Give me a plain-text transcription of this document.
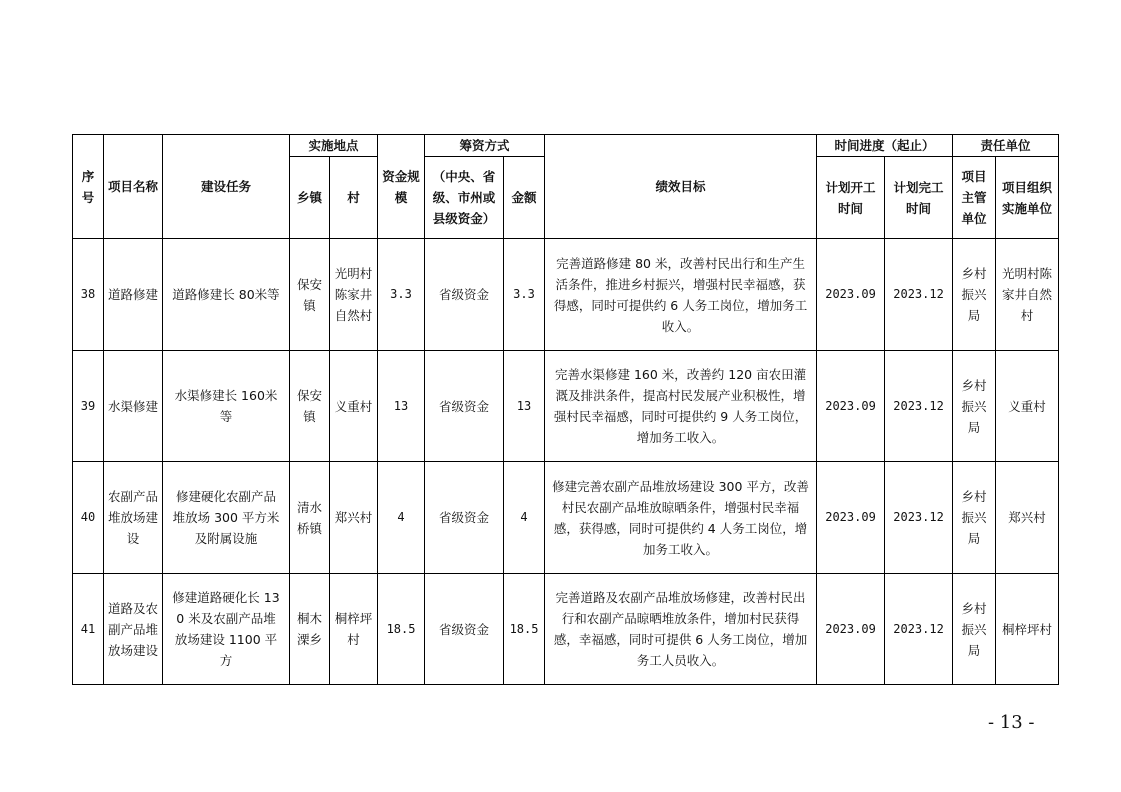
序号	项目名称	建设任务	实施地点		资金规模	筹资方式		绩效目标	时间进度（起止）		责任单位	
			乡镇	村		（中央、省级、市州或县级资金）	金额		计划开工时间	计划完工时间	项目主管单位	项目组织实施单位
38	道路修建	道路修建长 80米等	保安镇	光明村陈家井自然村	3.3	省级资金	3.3	完善道路修建 80 米，改善村民出行和生产生活条件，推进乡村振兴，增强村民幸福感，获得感，同时可提供约 6 人务工岗位，增加务工收入。	2023.09	2023.12	乡村振兴局	光明村陈家井自然村
39	水渠修建	水渠修建长 160米等	保安镇	义重村	13	省级资金	13	完善水渠修建 160 米，改善约 120 亩农田灌溉及排洪条件，提高村民发展产业积极性，增强村民幸福感，同时可提供约 9 人务工岗位，增加务工收入。	2023.09	2023.12	乡村振兴局	义重村
40	农副产品堆放场建设	修建硬化农副产品堆放场 300 平方米及附属设施	清水桥镇	郑兴村	4	省级资金	4	修建完善农副产品堆放场建设 300 平方，改善村民农副产品堆放晾晒条件，增强村民幸福感，获得感，同时可提供约 4 人务工岗位，增加务工收入。	2023.09	2023.12	乡村振兴局	郑兴村
41	道路及农副产品堆放场建设	修建道路硬化长 130 米及农副产品堆放场建设 1100 平方	桐木溧乡	桐梓坪村	18.5	省级资金	18.5	完善道路及农副产品堆放场修建，改善村民出行和农副产品晾晒堆放条件，增加村民获得感，幸福感，同时可提供 6 人务工岗位，增加务工人员收入。	2023.09	2023.12	乡村振兴局	桐梓坪村
- 13 -
